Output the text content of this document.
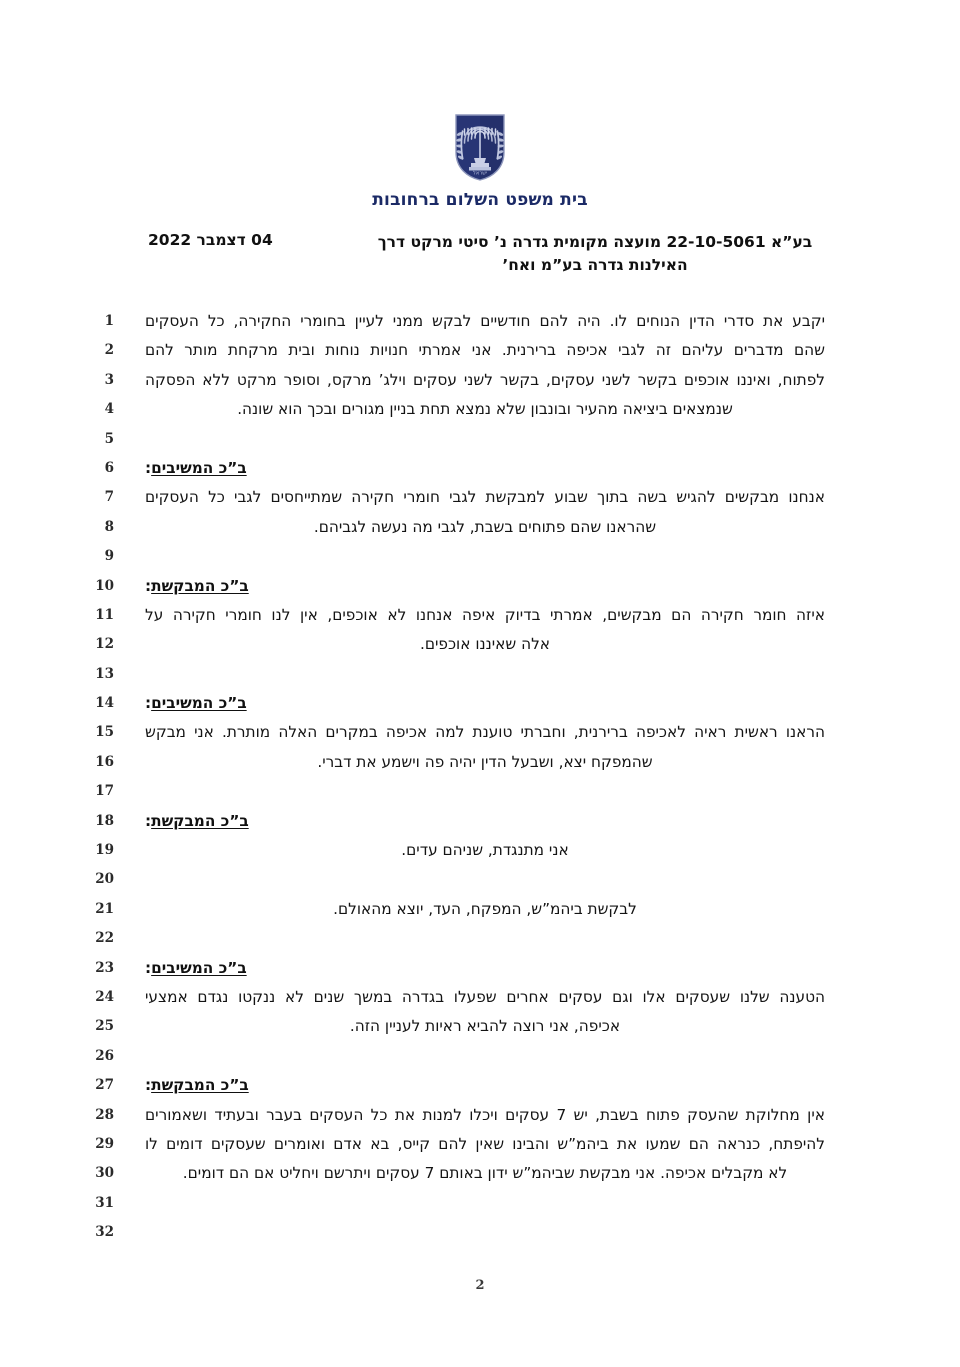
ישראל
בית משפט השלום ברחובות
בע”א 22-10-5061 מועצה מקומית גדרה נ’ סיטי מרקט דרך
האילנות גדרה בע”מ ואח’
04 דצמבר 2022
1 יקבע את סדרי הדין הנוחים לו. היה להם חודשיים לבקש ממני לעיין בחומרי החקירה, כל העסקים
2 שהם מדברים עליהם זה לגבי אכיפה ברירנית. אני אמרתי חנויות נוחות ובית מרקחת מותר להם
3 לפתוח, ואיננו אוכפים בקשר לשני עסקים, בקשר לשני עסקים וילג’ מרקס, וסופר מרקט ללא הפסקה
4	שנמצאים ביציאה מהעיר ובונבון שלא נמצא תחת בניין מגורים ובכך הוא שונה.
5
6	ב”כ המשיבים:
7 אנחנו מבקשים להגיש בשה בתוך שבוע למבקשת לגבי חומרי חקירה שמתייחסים לגבי כל העסקים
8	שהראנו שהם פתוחים בשבת, לגבי מה נעשה לגביהם.
9
10	ב”כ המבקשת:
11 איזה חומר חקירה הם מבקשים, אמרתי בדיוק איפה אנחנו לא אוכפים, אין לנו חומרי חקירה על
12	אלה שאיננו אוכפים.
13
14	ב”כ המשיבים:
15 הראנו ראשית ראיה לאכיפה ברירנית, וחברתי טוענת למה אכיפה במקרים האלה מותרת. אני מבקש
16	שהמפקח יצא, ושבעל הדין יהיה פה וישמע את דברי.
17
18	ב”כ המבקשת:
19	אני מתנגדת, שניהם עדים.
20
21	לבקשת ביהמ”ש, המפקח, העד, יוצא מהאולם.
22
23	ב”כ המשיבים:
24 הטענה שלנו שעסקים אלו וגם עסקים אחרים שפעלו בגדרה במשך שנים לא ננקטו נגדם אמצעי
25	אכיפה, אני רוצה להביא ראיות לעניין הזה.
26
27	ב”כ המבקשת:
28 אין מחלוקת שהעסק פתוח בשבת, יש 7 עסקים ויכלו למנות את כל העסקים בעבר ובעתיד ושאמורים
29 להיפתח, כנראה הם שמעו את ביהמ”ש והבינו שאין להם קייס, בא אדם ואומרים שעסקים דומים לו
30	לא מקבלים אכיפה. אני מבקשת שביהמ”ש ידון באותם 7 עסקים ויתרשם ויחליט אם הם דומים.
31
32
2
